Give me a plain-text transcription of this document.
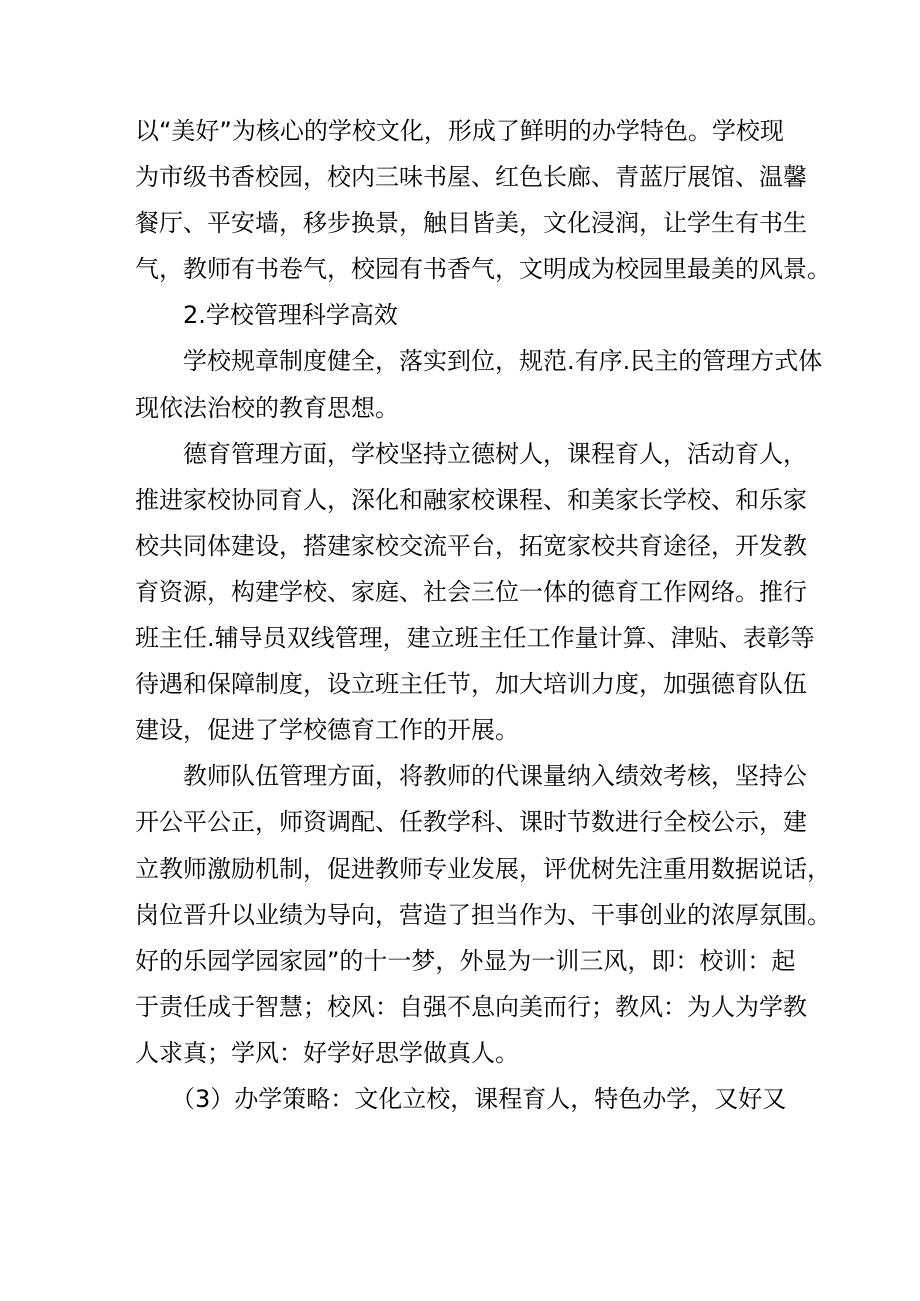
以“美好”为核心的学校文化，形成了鲜明的办学特色。学校现
为市级书香校园，校内三味书屋、红色长廊、青蓝厅展馆、温馨
餐厅、平安墙，移步换景，触目皆美，文化浸润，让学生有书生
气，教师有书卷气，校园有书香气，文明成为校园里最美的风景。
2.学校管理科学高效
学校规章制度健全，落实到位，规范.有序.民主的管理方式体
现依法治校的教育思想。
德育管理方面，学校坚持立德树人，课程育人，活动育人，
推进家校协同育人，深化和融家校课程、和美家长学校、和乐家
校共同体建设，搭建家校交流平台，拓宽家校共育途径，开发教
育资源，构建学校、家庭、社会三位一体的德育工作网络。推行
班主任.辅导员双线管理，建立班主任工作量计算、津贴、表彰等
待遇和保障制度，设立班主任节，加大培训力度，加强德育队伍
建设，促进了学校德育工作的开展。
教师队伍管理方面，将教师的代课量纳入绩效考核，坚持公
开公平公正，师资调配、任教学科、课时节数进行全校公示，建
立教师激励机制，促进教师专业发展，评优树先注重用数据说话，
岗位晋升以业绩为导向，营造了担当作为、干事创业的浓厚氛围。
好的乐园学园家园”的十一梦，外显为一训三风，即：校训：起
于责任成于智慧；校风：自强不息向美而行；教风：为人为学教
人求真；学风：好学好思学做真人。
（3）办学策略：文化立校，课程育人，特色办学，又好又
